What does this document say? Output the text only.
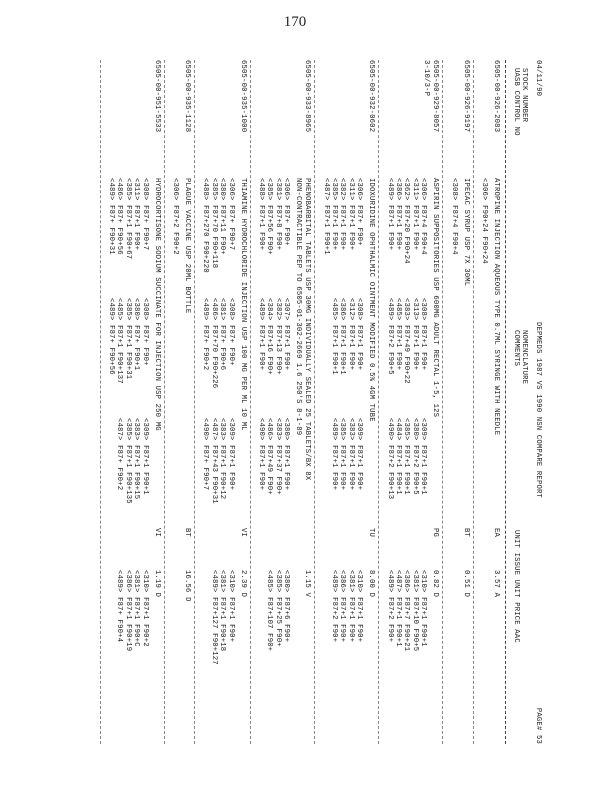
170
04/11/90
DEPMEDS 1987 VS 1990 NSN COMPARE REPORT
PAGE# 53
STOCK NUMBER
UASB CONTROL NO
NOMENCLATURE
COMMENTS
UNIT ISSUE UNIT PRICE AAC
6505-00-926-2083
ATROPINE INJECTION AQUEOUS TYPE 0.7ML SYRINGE WITH NEEDLE
EA
3.57 A
<306> F90+24 F90+24
6505-00-926-9197
IPECAC SYRUP USP 7X 30ML
BT
0.51 D
<308> F87+4 F90+4
6505-00-929-8057
3-10/3-P
ASPIRIN SUPPOSITORIES USP 600MG ADULT RECTAL 1-5, 12S
PG
0.82 D
<306> F87+4 F90+4
<311> F87+1 F90+
<362> F87+20 F90+24
<386> F87+1 F90+
<489> F87+1 F90+
<308> F87+1 F90+
<313> F87+1 F90+
<383> F87+49 F90+22
<485> F87+1 F90+
<489> F87+2 F90+5
<309> F87+1 F90+1
<380> F87+2 F90+5
<385> F87+1 F90+1
<484> F87+1 F90+1
<490> F87+2 F90+13
<310> F87+1 F90+1
<381> F87+10 F90+5
<386> F87+7 F90+21
<487> F87+1 F90+1
<489> F87+2 F90+
6505-00-932-0602
IDOXURIDINE OPHTHALMIC OINTMENT MODIFIED 0.5% 4GM TUBE
TU
8.00 D
<306> F87+ F90+
<311> F87+1 F90+
<382> F87+1 F90+
<385> F87+1 F90+
<487> F87+1 F90+1
<308> F87+1 F90+
<312> F87+1 F90+
<386> F87+1 F90+1
<485> F87+1 F90+1
<309> F87+1 F90+
<383> F87+1 F90+
<385> F87+1 F90+
<489> F87+1 F90+
<310> F87+1 F90+
<381> F87+1 F90+
<386> F87+1 F90+
<489> F87+2 F90+
6505-00-933-8965
PHENOBARBITAL TABLETS USP 30MG INDIVIDUALLY SEALED 25 TABLETS/BX 8X
NON-CONTRACTIBLE PEP TO 6505-01-302-2669 1.6 250'S 8-1-89
1.15 V
<306> F87+ F90+
<381> F87+8 F90+
<385> F87+56 F90+
<488> F87+1 F90+
<307> F87+1 F90+
<382> F87+13 F90+
<384> F87+16 F90+
<489> F87+1 F90+
<380> F87+1 F90+
<383> F87+37 F90+
<486> F87+49 F90+
<490> F87+1 F90+
<380> F87+6 F90+
<385> F87+25 F90+
<485> F87+107 F90+
6505-00-935-1000
THIAMINE HYDROCHLORIDE INJECTION USP 100 MG PER ML 10 ML
VI
2.39 D
<306> F87+ F90+7
<380> F87+11 F90+
<385> F87+70 F90+118
<488> F87+270 F90+220
<308> F87+ F90+
<381> F87+ F90+6
<486> F87+70 F90+226
<489> F87+ F90+2
<309> F87+1 F90+
<383> F87+1 F90+12
<487> F87+43 F90+31
<490> F87+ F90+7
<310> F87+1 F90+
<381> F87+1 F90+18
<489> F87+127 F90+127
6505-00-935-1128
PLAGUE VACCINE USP 20ML BOTTLE
BT
16.56 D
<306> F87+2 F90+2
6505-00-951-5533
HYDROCORTISONE SODIUM SUCCINATE FOR INJECTION USP 250 MG
VI
1.19 D
<308> F87+ F90+7
<311> F87+1 F90+
<385> F87+1 F90+67
<486> F87+ F90+56
<489> F87+ F90+31
<308> F87+ F90+
<380> F87+ F90+1
<385> F87+1 F90+31
<485> F87+1 F90+137
<489> F87+ F90+56
<309> F87+1 F90+1
<383> F87+1 F90+15
<385> F87+1 F90+135
<487> F87+ F90+2
<310> F87+1 F90+2
<381> F87+1 F90+C
<386> F87+1 F90+19
<489> F87+ F90+4
